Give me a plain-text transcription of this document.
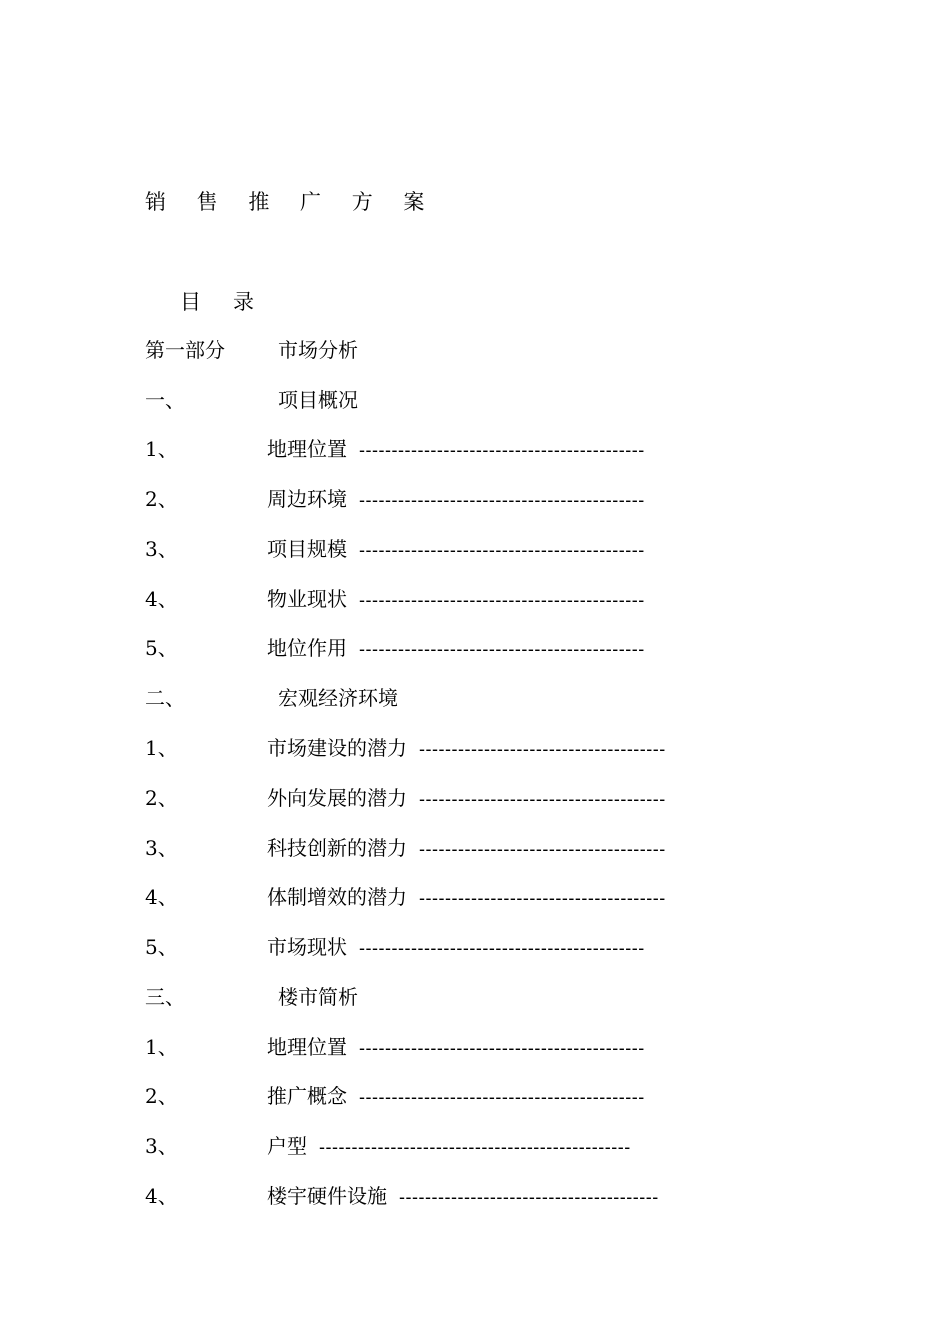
销 售 推 广 方 案
目 录
第一部分	市场分析
一、	项目概况
1、	地理位置 --------------------------------------------
2、	周边环境 --------------------------------------------
3、	项目规模 --------------------------------------------
4、	物业现状 --------------------------------------------
5、	地位作用 --------------------------------------------
二、	宏观经济环境
1、	市场建设的潜力 --------------------------------------
2、	外向发展的潜力 --------------------------------------
3、	科技创新的潜力 --------------------------------------
4、	体制增效的潜力 --------------------------------------
5、	市场现状 --------------------------------------------
三、	楼市简析
1、	地理位置 --------------------------------------------
2、	推广概念 --------------------------------------------
3、	户型 ------------------------------------------------
4、	楼宇硬件设施 ----------------------------------------
